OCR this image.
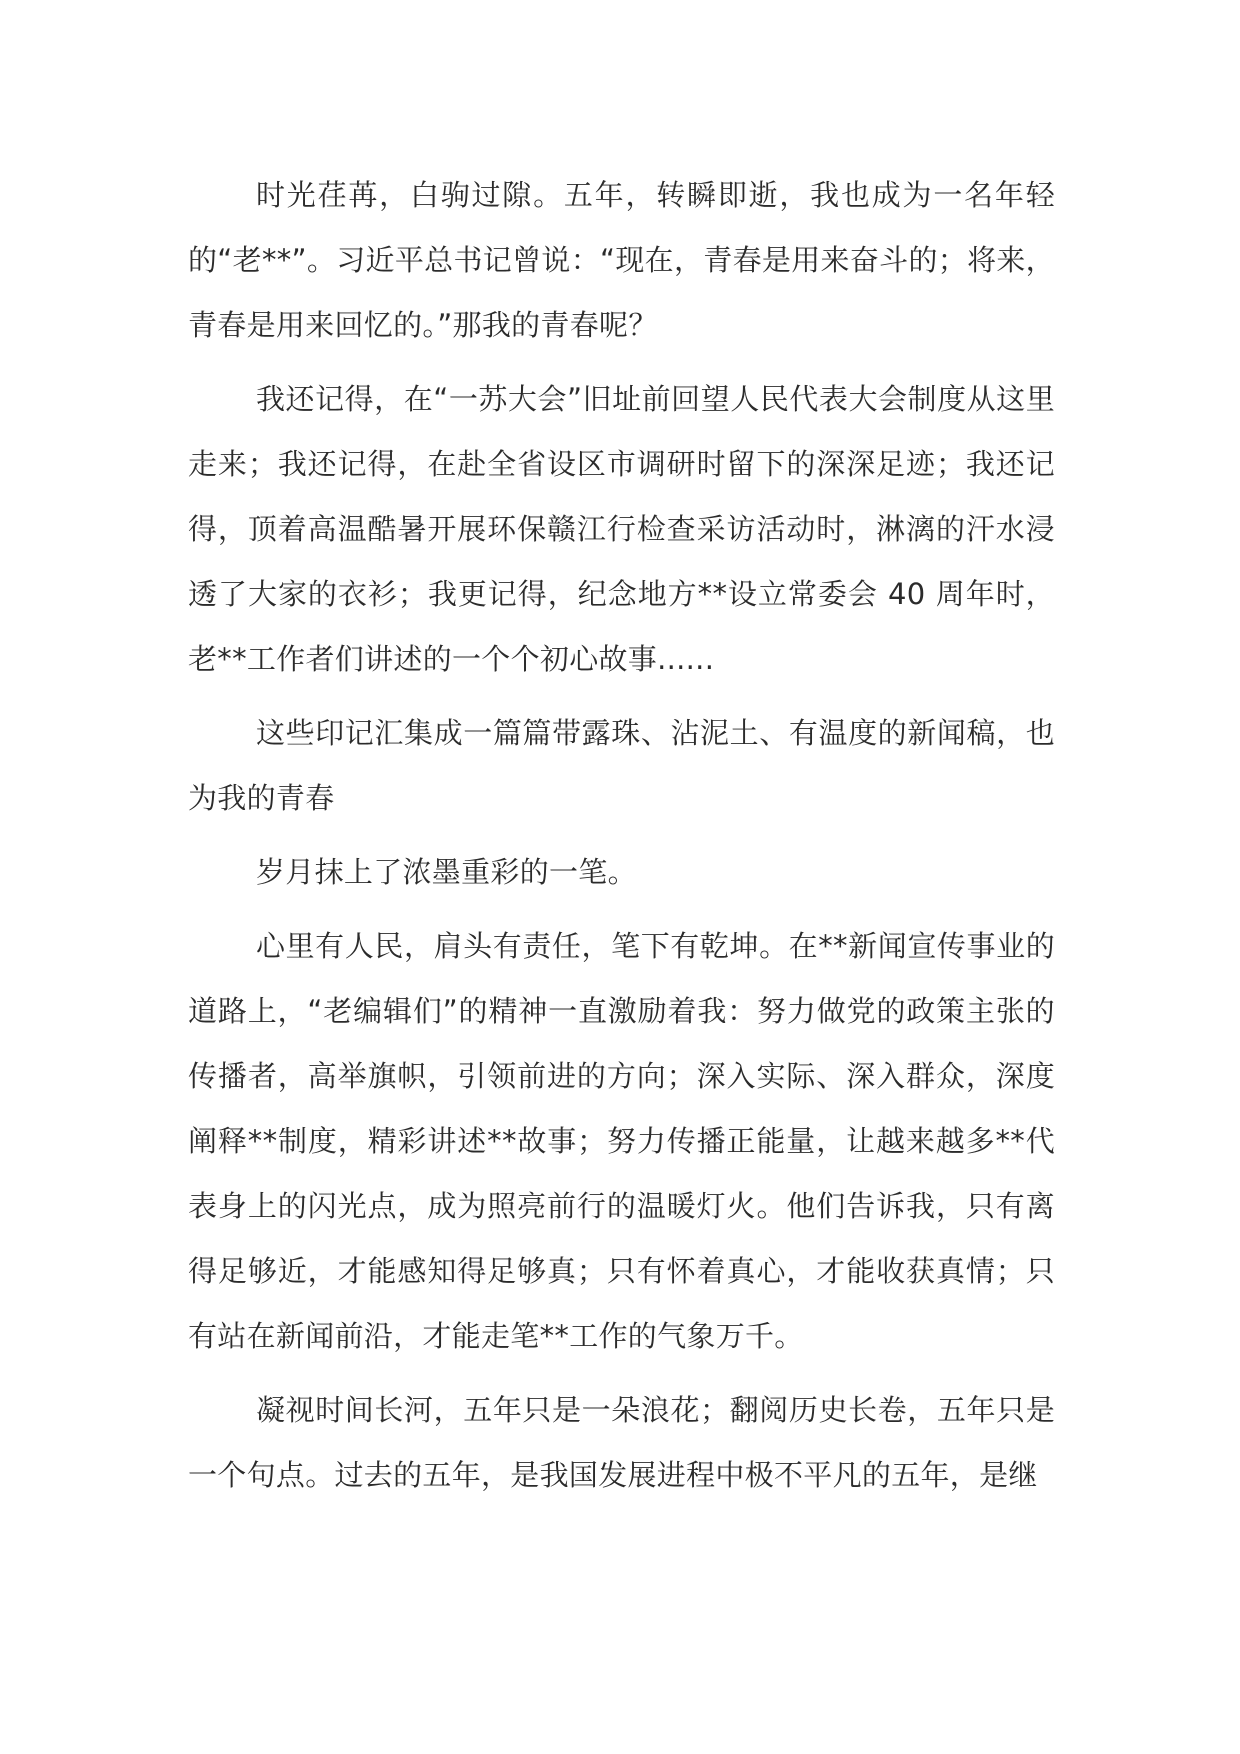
时光荏苒，白驹过隙。五年，转瞬即逝，我也成为一名年轻的“老**”。习近平总书记曾说：“现在，青春是用来奋斗的；将来，青春是用来回忆的。”那我的青春呢？

我还记得，在“一苏大会”旧址前回望人民代表大会制度从这里走来；我还记得，在赴全省设区市调研时留下的深深足迹；我还记得，顶着高温酷暑开展环保赣江行检查采访活动时，淋漓的汗水浸透了大家的衣衫；我更记得，纪念地方**设立常委会 40 周年时，老**工作者们讲述的一个个初心故事......

这些印记汇集成一篇篇带露珠、沾泥土、有温度的新闻稿，也为我的青春

岁月抹上了浓墨重彩的一笔。

心里有人民，肩头有责任，笔下有乾坤。在**新闻宣传事业的道路上，“老编辑们”的精神一直激励着我：努力做党的政策主张的传播者，高举旗帜，引领前进的方向；深入实际、深入群众，深度阐释**制度，精彩讲述**故事；努力传播正能量，让越来越多**代表身上的闪光点，成为照亮前行的温暖灯火。他们告诉我，只有离得足够近，才能感知得足够真；只有怀着真心，才能收获真情；只有站在新闻前沿，才能走笔**工作的气象万千。

凝视时间长河，五年只是一朵浪花；翻阅历史长卷，五年只是一个句点。过去的五年，是我国发展进程中极不平凡的五年，是继
